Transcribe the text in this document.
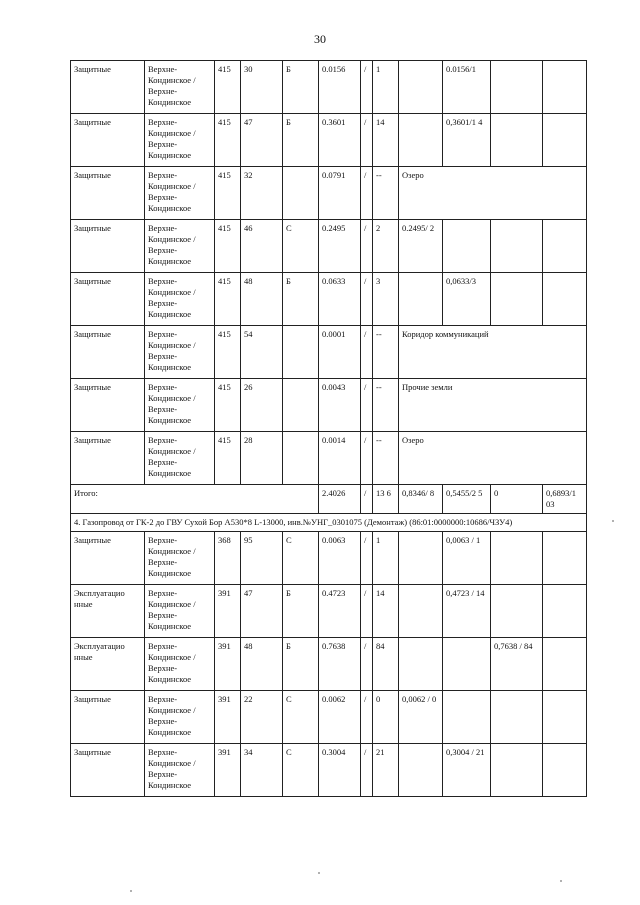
30
Защитные	Верхне-Кондинское / Верхне-Кондинское	415	30	Б	0.0156	/	1		0.0156/1		
Защитные	Верхне-Кондинское / Верхне-Кондинское	415	47	Б	0.3601	/	14		0,3601/1 4		
Защитные	Верхне-Кондинское / Верхне-Кондинское	415	32		0.0791	/	--	Озеро			
Защитные	Верхне-Кондинское / Верхне-Кондинское	415	46	С	0.2495	/	2	0.2495/ 2			
Защитные	Верхне-Кондинское / Верхне-Кондинское	415	48	Б	0.0633	/	3		0,0633/3		
Защитные	Верхне-Кондинское / Верхне-Кондинское	415	54		0.0001	/	--	Коридор коммуникаций			
Защитные	Верхне-Кондинское / Верхне-Кондинское	415	26		0.0043	/	--	Прочие земли			
Защитные	Верхне-Кондинское / Верхне-Кондинское	415	28		0.0014	/	--	Озеро			
Итого:					2.4026	/	13 6	0,8346/ 8	0,5455/2 5	0	0,6893/1 03
4. Газопровод от ГК-2 до ГВУ Сухой Бор А530*8 L-13000, инв.№УНГ_0301075 (Демонтаж) (86:01:0000000:10686/ЧЗУ4)											
Защитные	Верхне-Кондинское / Верхне-Кондинское	368	95	С	0.0063	/	1		0,0063 / 1		
Эксплуатацио нные	Верхне-Кондинское / Верхне-Кондинское	391	47	Б	0.4723	/	14		0,4723 / 14		
Эксплуатацио нные	Верхне-Кондинское / Верхне-Кондинское	391	48	Б	0.7638	/	84			0,7638 / 84	
Защитные	Верхне-Кондинское / Верхне-Кондинское	391	22	С	0.0062	/	0	0,0062 / 0			
Защитные	Верхне-Кондинское / Верхне-Кондинское	391	34	С	0.3004	/	21		0,3004 / 21		
